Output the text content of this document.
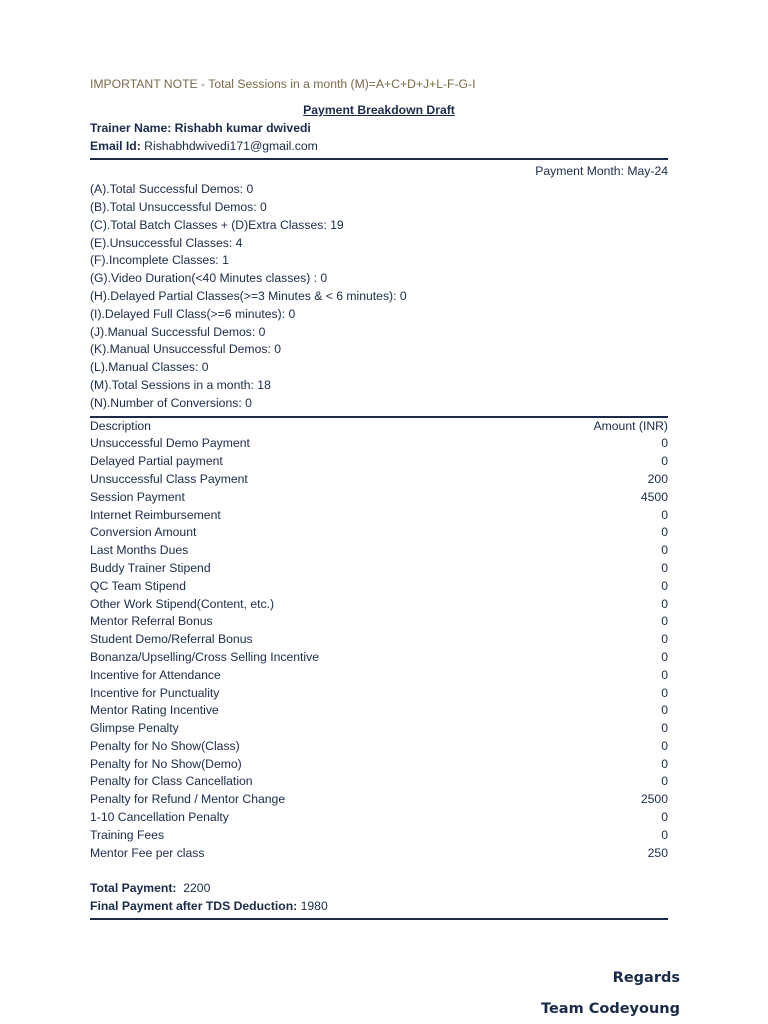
IMPORTANT NOTE - Total Sessions in a month (M)=A+C+D+J+L-F-G-I
Payment Breakdown Draft
Trainer Name: Rishabh kumar dwivedi
Email Id: Rishabhdwivedi171@gmail.com
Payment Month: May-24
(A).Total Successful Demos: 0
(B).Total Unsuccessful Demos: 0
(C).Total Batch Classes + (D)Extra Classes: 19
(E).Unsuccessful Classes: 4
(F).Incomplete Classes: 1
(G).Video Duration(<40 Minutes classes) : 0
(H).Delayed Partial Classes(>=3 Minutes & < 6 minutes): 0
(I).Delayed Full Class(>=6 minutes): 0
(J).Manual Successful Demos: 0
(K).Manual Unsuccessful Demos: 0
(L).Manual Classes: 0
(M).Total Sessions in a month: 18
(N).Number of Conversions: 0
Description	Amount (INR)
Unsuccessful Demo Payment	0
Delayed Partial payment	0
Unsuccessful Class Payment	200
Session Payment	4500
Internet Reimbursement	0
Conversion Amount	0
Last Months Dues	0
Buddy Trainer Stipend	0
QC Team Stipend	0
Other Work Stipend(Content, etc.)	0
Mentor Referral Bonus	0
Student Demo/Referral Bonus	0
Bonanza/Upselling/Cross Selling Incentive	0
Incentive for Attendance	0
Incentive for Punctuality	0
Mentor Rating Incentive	0
Glimpse Penalty	0
Penalty for No Show(Class)	0
Penalty for No Show(Demo)	0
Penalty for Class Cancellation	0
Penalty for Refund / Mentor Change	2500
1-10 Cancellation Penalty	0
Training Fees	0
Mentor Fee per class	250
Total Payment:  2200
Final Payment after TDS Deduction: 1980
Regards
Team Codeyoung
